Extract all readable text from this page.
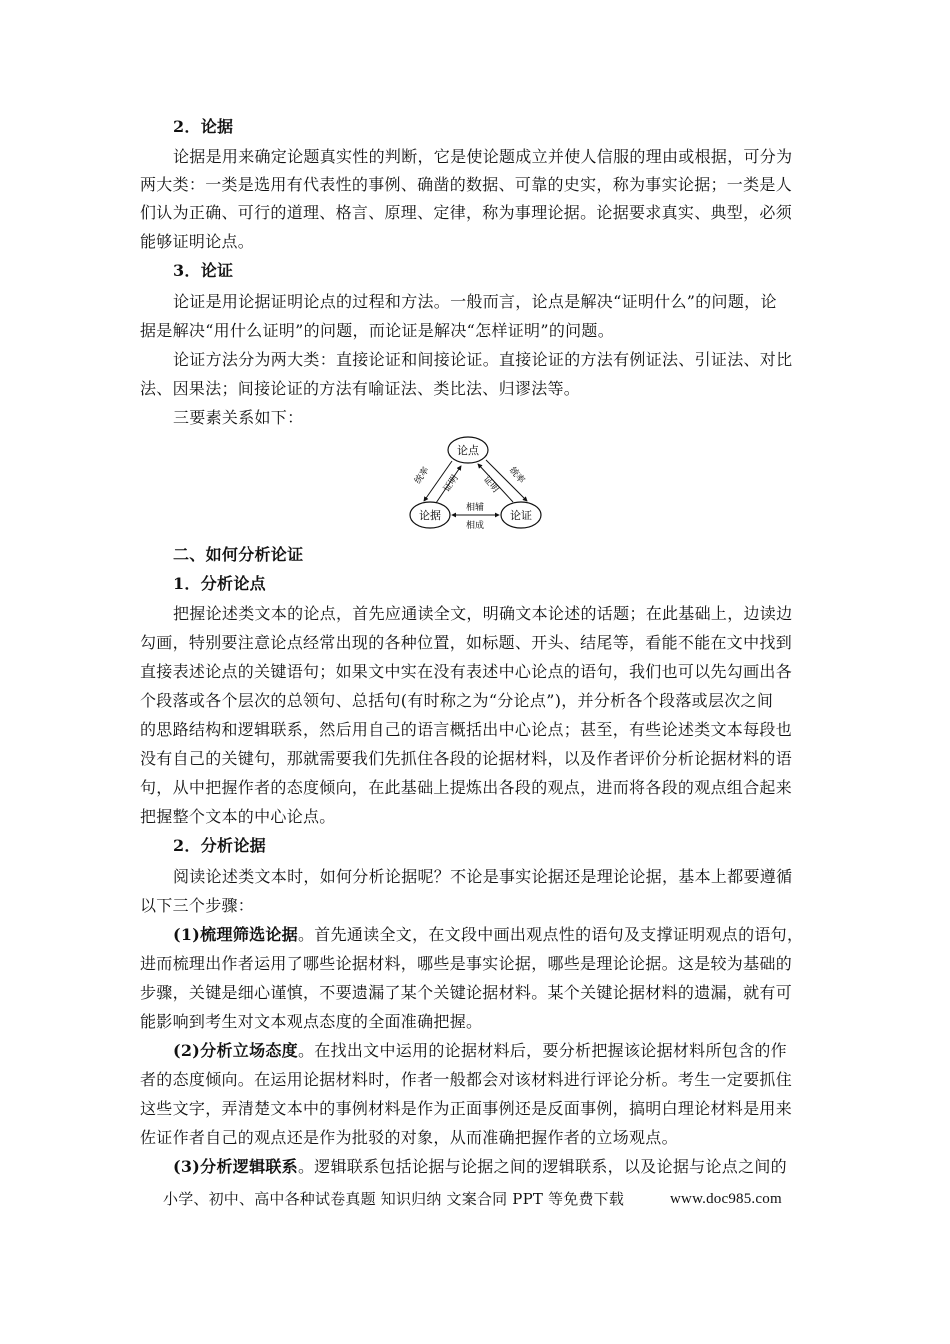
2．论据
论据是用来确定论题真实性的判断，它是使论题成立并使人信服的理由或根据，可分为
两大类：一类是选用有代表性的事例、确凿的数据、可靠的史实，称为事实论据；一类是人
们认为正确、可行的道理、格言、原理、定律，称为事理论据。论据要求真实、典型，必须
能够证明论点。
3．论证
论证是用论据证明论点的过程和方法。一般而言，论点是解决“证明什么”的问题，论
据是解决“用什么证明”的问题，而论证是解决“怎样证明”的问题。
论证方法分为两大类：直接论证和间接论证。直接论证的方法有例证法、引证法、对比
法、因果法；间接论证的方法有喻证法、类比法、归谬法等。
三要素关系如下：
论点
论据	论证
统率 证明 证明 统率
相辅
相成
二、如何分析论证
1．分析论点
把握论述类文本的论点，首先应通读全文，明确文本论述的话题；在此基础上，边读边
勾画，特别要注意论点经常出现的各种位置，如标题、开头、结尾等，看能不能在文中找到
直接表述论点的关键语句；如果文中实在没有表述中心论点的语句，我们也可以先勾画出各
个段落或各个层次的总领句、总括句(有时称之为“分论点”)，并分析各个段落或层次之间
的思路结构和逻辑联系，然后用自己的语言概括出中心论点；甚至，有些论述类文本每段也
没有自己的关键句，那就需要我们先抓住各段的论据材料，以及作者评价分析论据材料的语
句，从中把握作者的态度倾向，在此基础上提炼出各段的观点，进而将各段的观点组合起来
把握整个文本的中心论点。
2．分析论据
阅读论述类文本时，如何分析论据呢？不论是事实论据还是理论论据，基本上都要遵循
以下三个步骤：
(1)梳理筛选论据。首先通读全文，在文段中画出观点性的语句及支撑证明观点的语句，
进而梳理出作者运用了哪些论据材料，哪些是事实论据，哪些是理论论据。这是较为基础的
步骤，关键是细心谨慎，不要遗漏了某个关键论据材料。某个关键论据材料的遗漏，就有可
能影响到考生对文本观点态度的全面准确把握。
(2)分析立场态度。在找出文中运用的论据材料后，要分析把握该论据材料所包含的作
者的态度倾向。在运用论据材料时，作者一般都会对该材料进行评论分析。考生一定要抓住
这些文字，弄清楚文本中的事例材料是作为正面事例还是反面事例，搞明白理论材料是用来
佐证作者自己的观点还是作为批驳的对象，从而准确把握作者的立场观点。
(3)分析逻辑联系。逻辑联系包括论据与论据之间的逻辑联系，以及论据与论点之间的
小学、初中、高中各种试卷真题 知识归纳 文案合同 PPT 等免费下载	www.doc985.com
